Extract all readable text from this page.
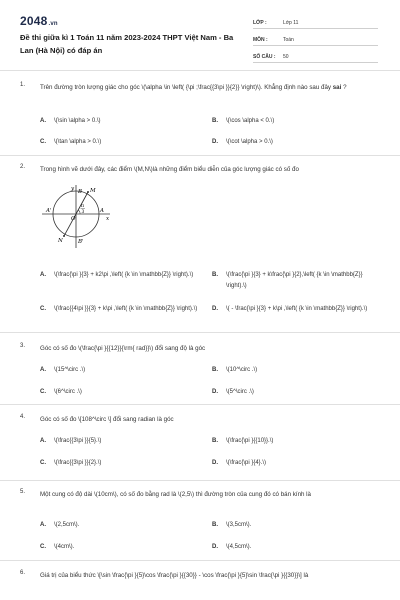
2048.vn
Đề thi giữa kì 1 Toán 11 năm 2023-2024 THPT Việt Nam - Ba Lan (Hà Nội) có đáp án
LỚP :	Lớp 11
MÔN :	Toán
SỐ CÂU :	50
1. Trên đường tròn lượng giác cho góc \(\alpha \in \left( {\pi ;\frac{{3\pi }}{2}} \right)\). Khẳng định nào sau đây sai ?
A. \(\sin \alpha > 0.\)	B. \(\cos \alpha < 0.\)
C. \(\tan \alpha > 0.\)	D. \(\cot \alpha > 0.\)
2. Trong hình vẽ dưới đây, các điểm \(M,N\)là những điểm biểu diễn của góc lượng giác có số đo
y
x
A'	A
B
B'
M
N
O
π
3
A. \(\frac{\pi }{3} + k2\pi ,\left( {k \in \mathbb{Z}} \right).\)	B. \(\frac{\pi }{3} + k\frac{\pi }{2},\left( {k \in \mathbb{Z}} \right).\)
C. \(\frac{{4\pi }}{3} + k\pi ,\left( {k \in \mathbb{Z}} \right).\)	D. \( - \frac{\pi }{3} + k\pi ,\left( {k \in \mathbb{Z}} \right).\)
3. Góc có số đo \(\frac{\pi }{{12}}{\rm{ rad}}\) đổi sang độ là góc
A. \(15^\circ .\)	B. \(10^\circ .\)
C. \(6^\circ .\)	D. \(5^\circ .\)
4. Góc có số đo \[108^\circ \] đổi sang radian là góc
A. \(\frac{{3\pi }}{5}.\)	B. \(\frac{\pi }{{10}}.\)
C. \(\frac{{3\pi }}{2}.\)	D. \(\frac{\pi }{4}.\)
5. Một cung có độ dài \(10cm\), có số đo bằng rad là \(2,5\) thì đường tròn của cung đó có bán kính là
A. \(2,5cm\).	B. \(3,5cm\).
C. \(4cm\).	D. \(4,5cm\).
6. Giá trị của biểu thức \[\sin \frac{\pi }{5}\cos \frac{\pi }{{30}} - \cos \frac{\pi }{5}\sin \frac{\pi }{{30}}\] là
